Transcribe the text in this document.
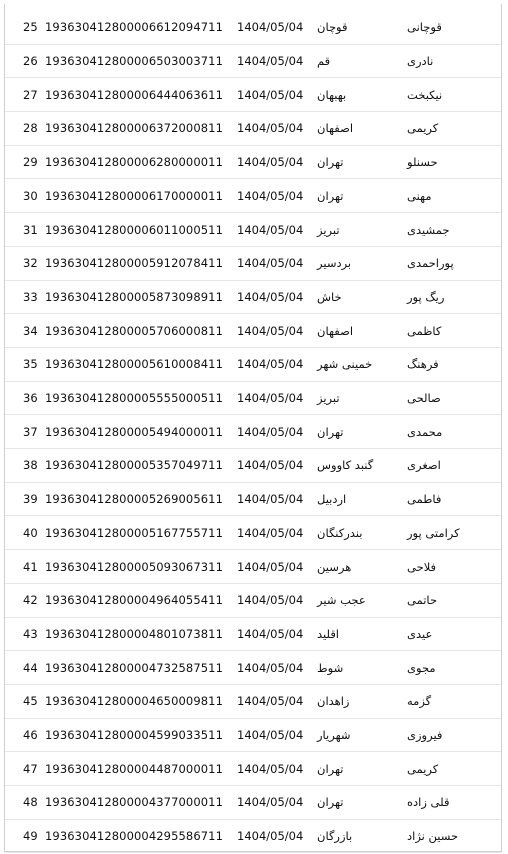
25 193630412800006612094711 1404/05/04	قوچان	قوچانی
26 193630412800006503003711 1404/05/04	قم	نادری
27 193630412800006444063611 1404/05/04	بهبهان	نیکبخت
28 193630412800006372000811 1404/05/04	اصفهان	کریمی
29 193630412800006280000011 1404/05/04	تهران	حسنلو
30 193630412800006170000011 1404/05/04	تهران	مهنی
31 193630412800006011000511 1404/05/04	تبریز	جمشیدی
32 193630412800005912078411 1404/05/04	بردسیر	پوراحمدی
33 193630412800005873098911 1404/05/04	خاش	ریگ پور
34 193630412800005706000811 1404/05/04	اصفهان	کاظمی
35 193630412800005610008411 1404/05/04	خمینی شهر	فرهنگ
36 193630412800005555000511 1404/05/04	تبریز	صالحی
37 193630412800005494000011 1404/05/04	تهران	محمدی
38 193630412800005357049711 1404/05/04	گنبد کاووس	اصغری
39 193630412800005269005611 1404/05/04	اردبیل	فاطمی
40 193630412800005167755711 1404/05/04	بندرکنگان	کرامتی پور
41 193630412800005093067311 1404/05/04	هرسین	فلاحی
42 193630412800004964055411 1404/05/04	عجب شیر	حاتمی
43 193630412800004801073811 1404/05/04	اقلید	عیدی
44 193630412800004732587511 1404/05/04	شوط	مجوی
45 193630412800004650009811 1404/05/04	زاهدان	گزمه
46 193630412800004599033511 1404/05/04	شهریار	فیروزی
47 193630412800004487000011 1404/05/04	تهران	کریمی
48 193630412800004377000011 1404/05/04	تهران	قلی زاده
49 193630412800004295586711 1404/05/04	بازرگان	حسین نژاد
